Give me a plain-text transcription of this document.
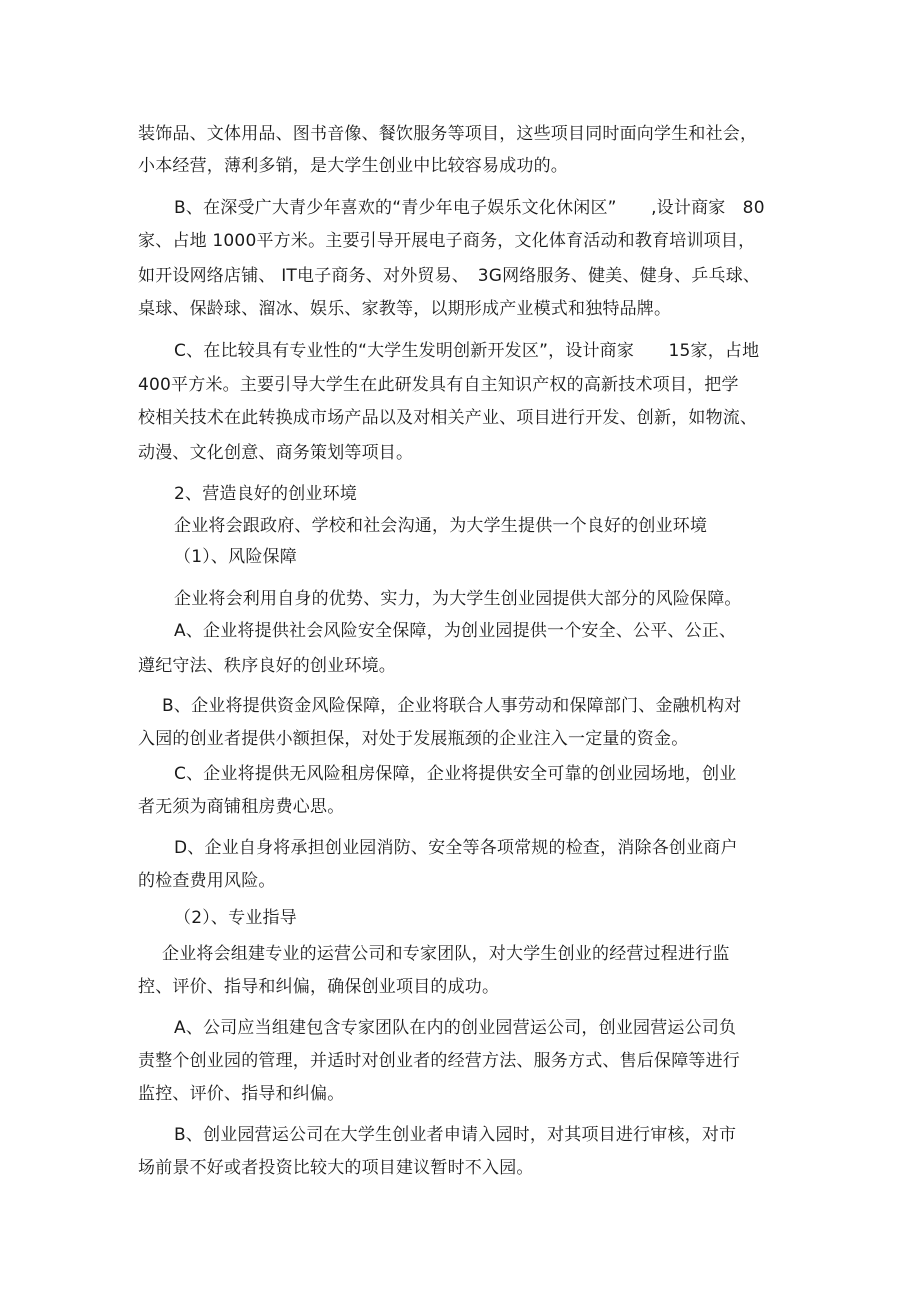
装饰品、文体用品、图书音像、餐饮服务等项目，这些项目同时面向学生和社会，
小本经营，薄利多销，是大学生创业中比较容易成功的。
B、在深受广大青少年喜欢的“青少年电子娱乐文化休闲区”　　,设计商家　80
家、占地 1000平方米。主要引导开展电子商务，文化体育活动和教育培训项目，
如开设网络店铺、 IT电子商务、对外贸易、　3G网络服务、健美、健身、乒乓球、
桌球、保龄球、溜冰、娱乐、家教等，以期形成产业模式和独特品牌。
C、在比较具有专业性的“大学生发明创新开发区”，设计商家　　15家，占地
400平方米。主要引导大学生在此研发具有自主知识产权的高新技术项目，把学
校相关技术在此转换成市场产品以及对相关产业、项目进行开发、创新，如物流、
动漫、文化创意、商务策划等项目。
2、营造良好的创业环境
企业将会跟政府、学校和社会沟通，为大学生提供一个良好的创业环境
（1）、风险保障
企业将会利用自身的优势、实力，为大学生创业园提供大部分的风险保障。
A、企业将提供社会风险安全保障，为创业园提供一个安全、公平、公正、
遵纪守法、秩序良好的创业环境。
B、企业将提供资金风险保障，企业将联合人事劳动和保障部门、金融机构对
入园的创业者提供小额担保，对处于发展瓶颈的企业注入一定量的资金。
C、企业将提供无风险租房保障，企业将提供安全可靠的创业园场地，创业
者无须为商铺租房费心思。
D、企业自身将承担创业园消防、安全等各项常规的检查，消除各创业商户
的检查费用风险。
（2）、专业指导
企业将会组建专业的运营公司和专家团队，对大学生创业的经营过程进行监
控、评价、指导和纠偏，确保创业项目的成功。
A、公司应当组建包含专家团队在内的创业园营运公司，创业园营运公司负
责整个创业园的管理，并适时对创业者的经营方法、服务方式、售后保障等进行
监控、评价、指导和纠偏。
B、创业园营运公司在大学生创业者申请入园时，对其项目进行审核，对市
场前景不好或者投资比较大的项目建议暂时不入园。
